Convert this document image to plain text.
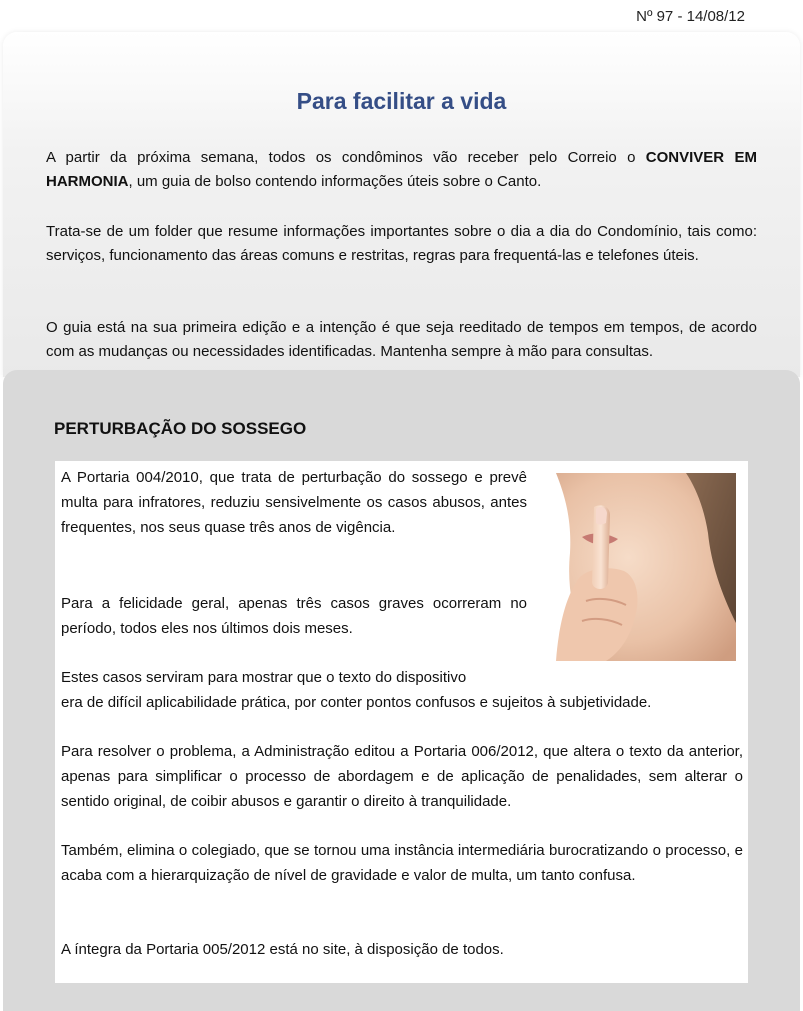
Nº 97 - 14/08/12
Para facilitar a vida

A partir da próxima semana, todos os condôminos vão receber pelo Correio o CONVIVER EM HARMONIA, um guia de bolso contendo informações úteis sobre o Canto.

Trata-se de um folder que resume informações importantes sobre o dia a dia do Condomínio, tais como: serviços, funcionamento das áreas comuns e restritas, regras para frequentá-las e telefones úteis.

O guia está na sua primeira edição e a intenção é que seja reeditado de tempos em tempos, de acordo com as mudanças ou necessidades identificadas. Mantenha sempre à mão para consultas.

PERTURBAÇÃO DO SOSSEGO

A Portaria 004/2010, que trata de perturbação do sossego e prevê multa para infratores, reduziu sensivelmente os casos abusos, antes frequentes, nos seus quase três anos de vigência.

Para a felicidade geral, apenas três casos graves ocorreram no período, todos eles nos últimos dois meses.

Estes casos serviram para mostrar que o texto do dispositivo
era de difícil aplicabilidade prática, por conter pontos confusos e sujeitos à subjetividade.

Para resolver o problema, a Administração editou a Portaria 006/2012, que altera o texto da anterior, apenas para simplificar o processo de abordagem e de aplicação de penalidades, sem alterar o sentido original, de coibir abusos e garantir o direito à tranquilidade.

Também, elimina o colegiado, que se tornou uma instância intermediária burocratizando o processo, e acaba com a hierarquização de nível de gravidade e valor de multa, um tanto confusa.

A íntegra da Portaria 005/2012 está no site, à disposição de todos.
